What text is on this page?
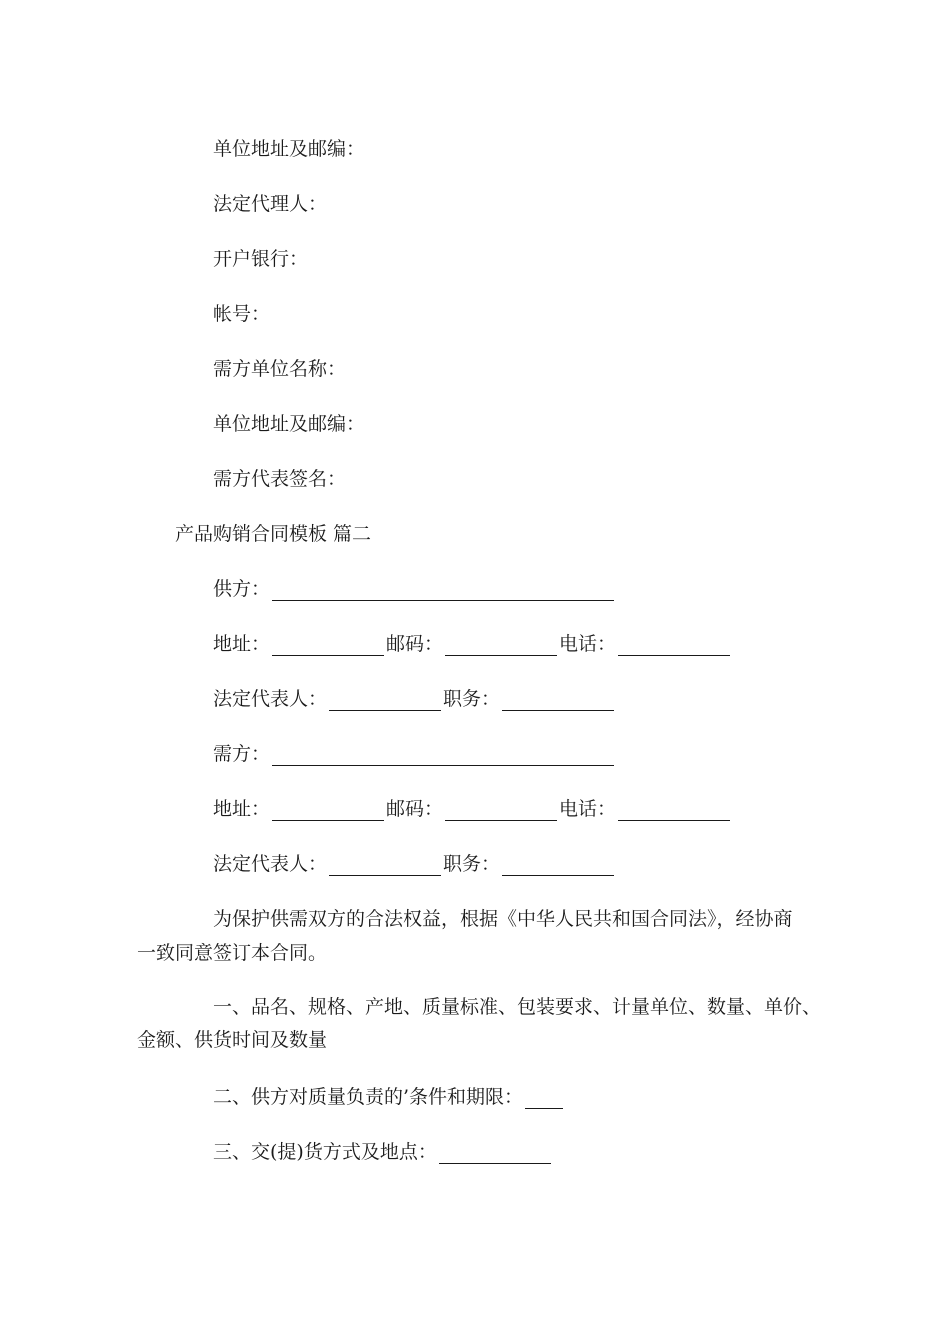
单位地址及邮编：
法定代理人：
开户银行：
帐号：
需方单位名称：
单位地址及邮编：
需方代表签名：
产品购销合同模板 篇二
供方：
地址：	邮码：	电话：
法定代表人：	职务：
需方：
地址：	邮码：	电话：
法定代表人：	职务：
为保护供需双方的合法权益，根据《中华人民共和国合同法》，经协商
一致同意签订本合同。
一、品名、规格、产地、质量标准、包装要求、计量单位、数量、单价、
金额、供货时间及数量
二、供方对质量负责的’条件和期限：
三、交(提)货方式及地点：
